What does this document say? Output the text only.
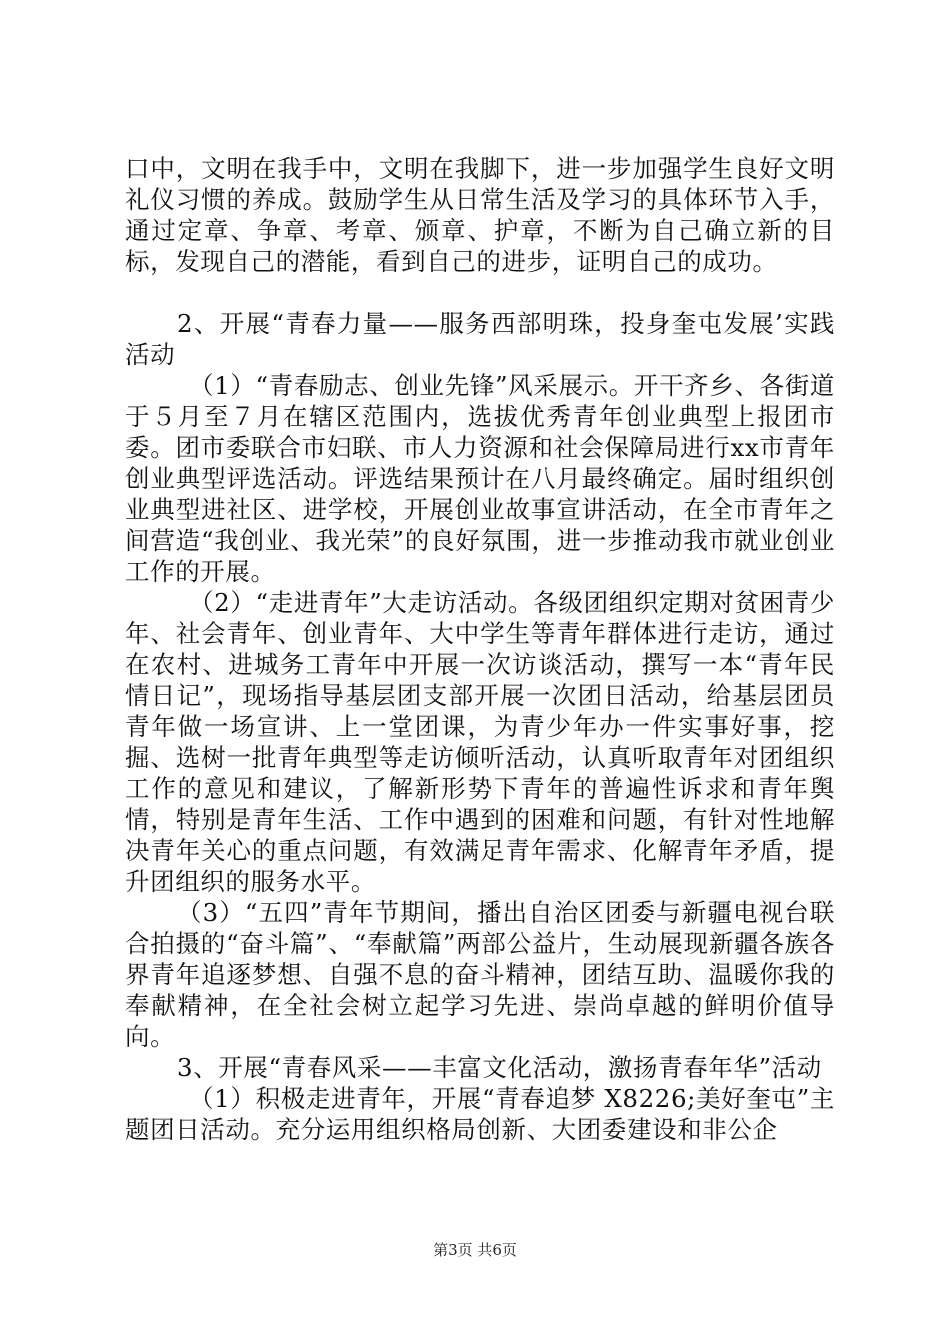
口中，文明在我手中，文明在我脚下，进一步加强学生良好文明礼仪习惯的养成。鼓励学生从日常生活及学习的具体环节入手，通过定章、争章、考章、颁章、护章，不断为自己确立新的目标，发现自己的潜能，看到自己的进步，证明自己的成功。

2、开展“青春力量——服务西部明珠，投身奎屯发展’实践活动

（1）“青春励志、创业先锋”风采展示。开干齐乡、各街道于５月至７月在辖区范围内，选拔优秀青年创业典型上报团市委。团市委联合市妇联、市人力资源和社会保障局进行xx市青年创业典型评选活动。评选结果预计在八月最终确定。届时组织创业典型进社区、进学校，开展创业故事宣讲活动，在全市青年之间营造“我创业、我光荣”的良好氛围，进一步推动我市就业创业工作的开展。

（2）“走进青年”大走访活动。各级团组织定期对贫困青少年、社会青年、创业青年、大中学生等青年群体进行走访，通过在农村、进城务工青年中开展一次访谈活动，撰写一本“青年民情日记”，现场指导基层团支部开展一次团日活动，给基层团员青年做一场宣讲、上一堂团课，为青少年办一件实事好事，挖掘、选树一批青年典型等走访倾听活动，认真听取青年对团组织工作的意见和建议，了解新形势下青年的普遍性诉求和青年舆情，特别是青年生活、工作中遇到的困难和问题，有针对性地解决青年关心的重点问题，有效满足青年需求、化解青年矛盾，提升团组织的服务水平。

（3）“五四”青年节期间，播出自治区团委与新疆电视台联合拍摄的“奋斗篇”、“奉献篇”两部公益片，生动展现新疆各族各界青年追逐梦想、自强不息的奋斗精神，团结互助、温暖你我的奉献精神，在全社会树立起学习先进、崇尚卓越的鲜明价值导向。

3、开展“青春风采——丰富文化活动，激扬青春年华”活动

（1）积极走进青年，开展“青春追梦 X8226;美好奎屯”主题团日活动。充分运用组织格局创新、大团委建设和非公企

第3页 共6页
